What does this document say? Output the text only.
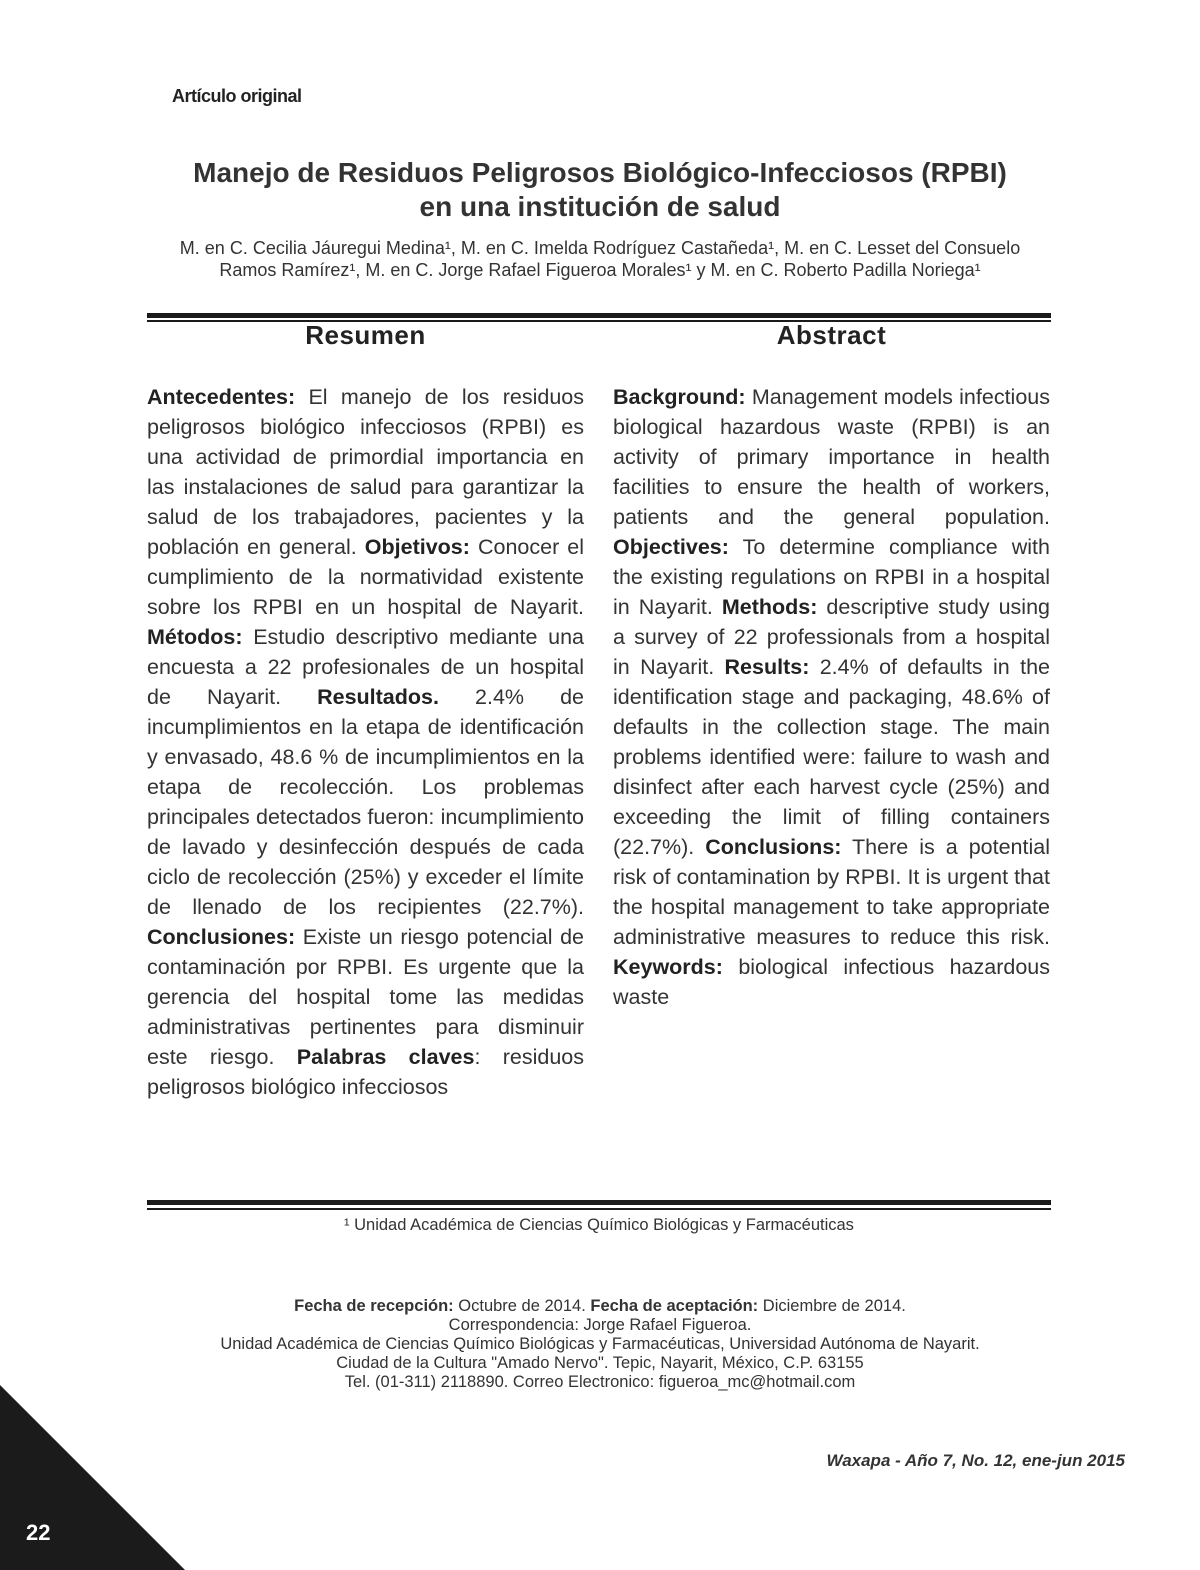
Artículo original
Manejo de Residuos Peligrosos Biológico-Infecciosos (RPBI)
en una institución de salud
M. en C. Cecilia Jáuregui Medina¹, M. en C. Imelda Rodríguez Castañeda¹, M. en C. Lesset del Consuelo Ramos Ramírez¹, M. en C. Jorge Rafael Figueroa Morales¹ y M. en C. Roberto Padilla Noriega¹
Resumen	Abstract
Antecedentes: El manejo de los residuos peligrosos biológico infecciosos (RPBI) es una actividad de primordial importancia en las instalaciones de salud para garantizar la salud de los trabajadores, pacientes y la población en general. Objetivos: Conocer el cumplimiento de la normatividad existente sobre los RPBI en un hospital de Nayarit. Métodos: Estudio descriptivo mediante una encuesta a 22 profesionales de un hospital de Nayarit. Resultados. 2.4% de incumplimientos en la etapa de identificación y envasado, 48.6 % de incumplimientos en la etapa de recolección. Los problemas principales detectados fueron: incumplimiento de lavado y desinfección después de cada ciclo de recolección (25%) y exceder el límite de llenado de los recipientes (22.7%). Conclusiones: Existe un riesgo potencial de contaminación por RPBI. Es urgente que la gerencia del hospital tome las medidas administrativas pertinentes para disminuir este riesgo. Palabras claves: residuos peligrosos biológico infecciosos
Background: Management models infectious biological hazardous waste (RPBI) is an activity of primary importance in health facilities to ensure the health of workers, patients and the general population. Objectives: To determine compliance with the existing regulations on RPBI in a hospital in Nayarit. Methods: descriptive study using a survey of 22 professionals from a hospital in Nayarit. Results: 2.4% of defaults in the identification stage and packaging, 48.6% of defaults in the collection stage. The main problems identified were: failure to wash and disinfect after each harvest cycle (25%) and exceeding the limit of filling containers (22.7%). Conclusions: There is a potential risk of contamination by RPBI. It is urgent that the hospital management to take appropriate administrative measures to reduce this risk. Keywords: biological infectious hazardous waste
¹ Unidad Académica de Ciencias Químico Biológicas y Farmacéuticas
Fecha de recepción: Octubre de 2014. Fecha de aceptación: Diciembre de 2014.
Correspondencia: Jorge Rafael Figueroa.
Unidad Académica de Ciencias Químico Biológicas y Farmacéuticas, Universidad Autónoma de Nayarit.
Ciudad de la Cultura "Amado Nervo". Tepic, Nayarit, México, C.P. 63155
Tel. (01-311) 2118890. Correo Electronico: figueroa_mc@hotmail.com
Waxapa - Año 7, No. 12, ene-jun 2015
22
